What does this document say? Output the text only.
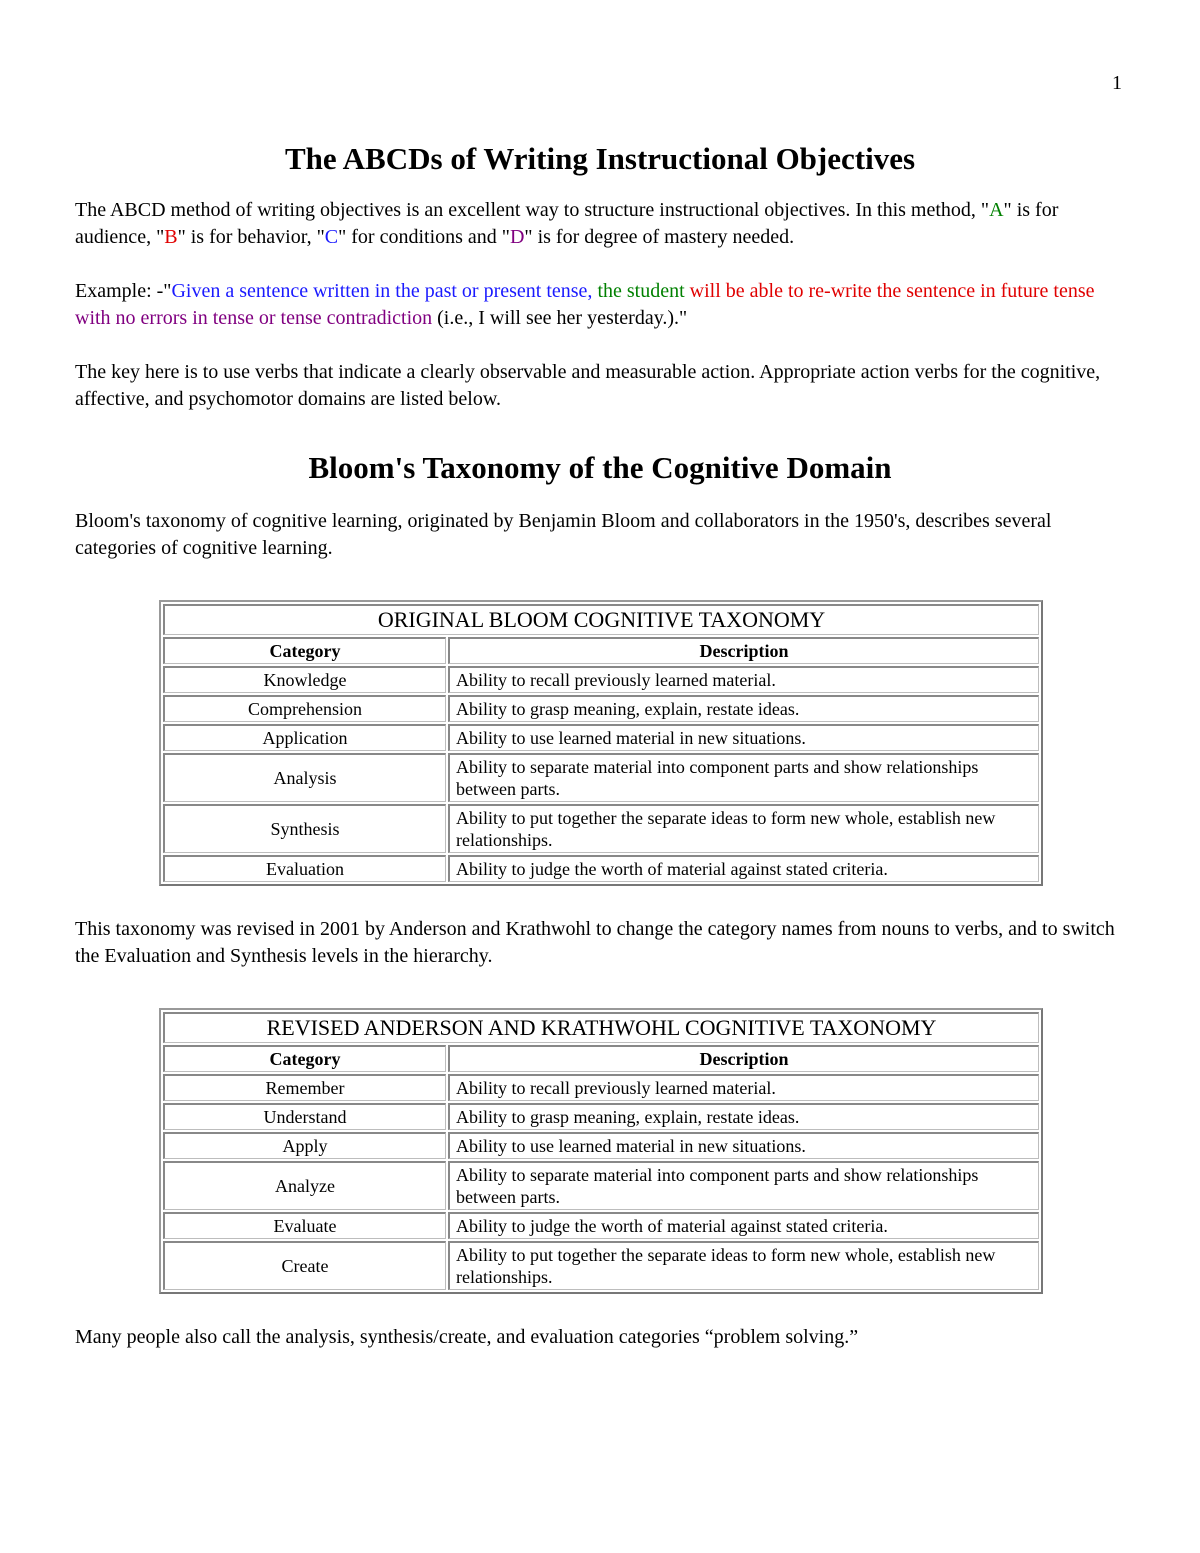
1
The ABCDs of Writing Instructional Objectives

The ABCD method of writing objectives is an excellent way to structure instructional objectives. In this method, "A" is for audience, "B" is for behavior, "C" for conditions and "D" is for degree of mastery needed.

Example: -"Given a sentence written in the past or present tense, the student will be able to re-write the sentence in future tense with no errors in tense or tense contradiction (i.e., I will see her yesterday.)."

The key here is to use verbs that indicate a clearly observable and measurable action. Appropriate action verbs for the cognitive, affective, and psychomotor domains are listed below.

Bloom's Taxonomy of the Cognitive Domain

Bloom's taxonomy of cognitive learning, originated by Benjamin Bloom and collaborators in the 1950's, describes several categories of cognitive learning.

ORIGINAL BLOOM COGNITIVE TAXONOMY	
Category	Description
Knowledge	Ability to recall previously learned material.
Comprehension	Ability to grasp meaning, explain, restate ideas.
Application	Ability to use learned material in new situations.
Analysis	Ability to separate material into component parts and show relationships between parts.
Synthesis	Ability to put together the separate ideas to form new whole, establish new relationships.
Evaluation	Ability to judge the worth of material against stated criteria.

This taxonomy was revised in 2001 by Anderson and Krathwohl to change the category names from nouns to verbs, and to switch the Evaluation and Synthesis levels in the hierarchy.

REVISED ANDERSON AND KRATHWOHL COGNITIVE TAXONOMY	
Category	Description
Remember	Ability to recall previously learned material.
Understand	Ability to grasp meaning, explain, restate ideas.
Apply	Ability to use learned material in new situations.
Analyze	Ability to separate material into component parts and show relationships between parts.
Evaluate	Ability to judge the worth of material against stated criteria.
Create	Ability to put together the separate ideas to form new whole, establish new relationships.

Many people also call the analysis, synthesis/create, and evaluation categories “problem solving.”
